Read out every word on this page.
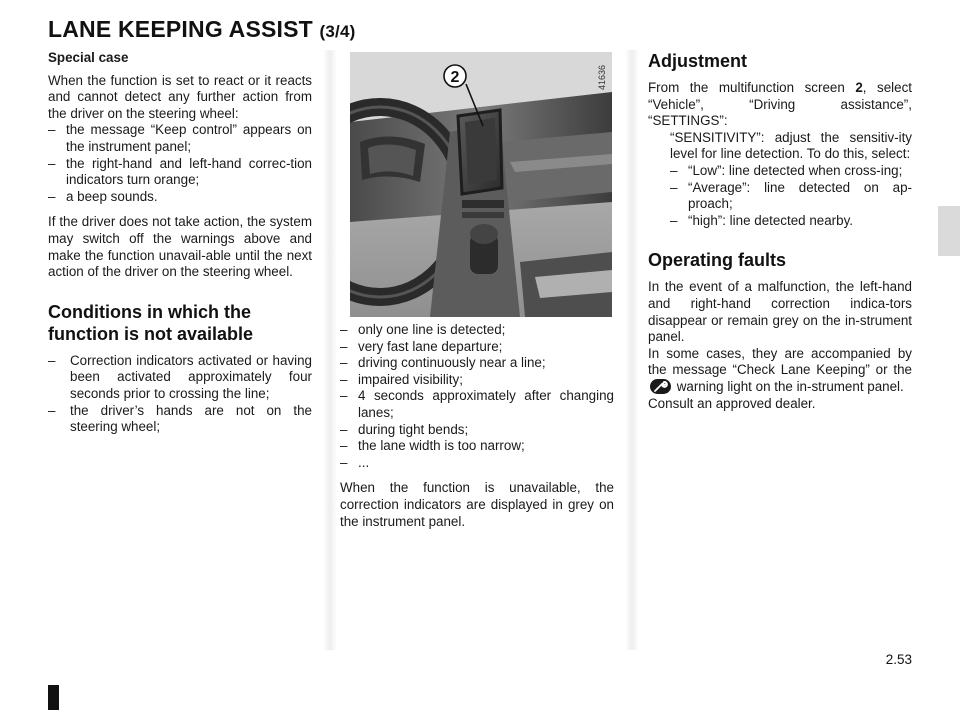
LANE KEEPING ASSIST (3/4)

Special case

When the function is set to react or it reacts and cannot detect any further action from the driver on the steering wheel:

– the message “Keep control” appears on the instrument panel;
– the right-hand and left-hand correc-tion indicators turn orange;
– a beep sounds.

If the driver does not take action, the system may switch off the warnings above and make the function unavail-able until the next action of the driver on the steering wheel.

Conditions in which the
function is not available
– Correction indicators activated or having been activated approximately four seconds prior to crossing the line;
– the driver’s hands are not on the steering wheel;
2	41636
– only one line is detected;
– very fast lane departure;
– driving continuously near a line;
– impaired visibility;
– 4 seconds approximately after changing lanes;
– during tight bends;
– the lane width is too narrow;
– ...

When the function is unavailable, the correction indicators are displayed in grey on the instrument panel.

Adjustment

From the multifunction screen 2, select “Vehicle”, “Driving assistance”, “SETTINGS”:

“SENSITIVITY”: adjust the sensitiv-ity level for line detection. To do this, select:

– “Low”: line detected when cross-ing;
– “Average”: line detected on ap-proach;
– “high”: line detected nearby.
Operating faults

In the event of a malfunction, the left-hand and right-hand correction indica-tors disappear or remain grey on the in-strument panel.

In some cases, they are accompanied by the message “Check Lane Keeping” or the
warning light on the in-strument panel.

Consult an approved dealer.

2.53
